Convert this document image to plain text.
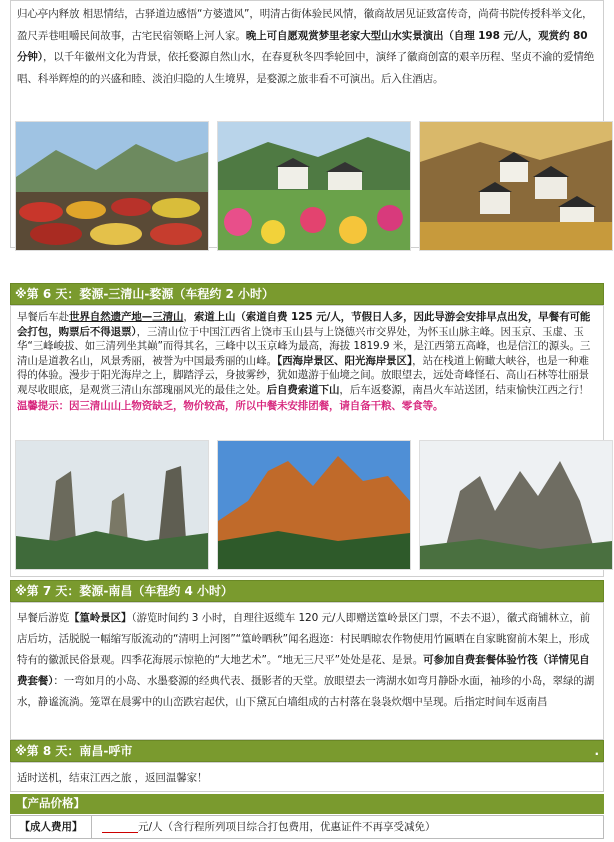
归心亭内释放 相思情结，古驿道边感悟“方婆遗风”，明清古街体验民风情，徽商故居见证致富传奇，尚荷书院传授科举文化，盈尺弄巷咀嚼民间故事，古宅民宿领略上河人家。晚上可自愿观赏梦里老家大型山水实景演出（自理 198 元/人，观赏约 80 分钟），以千年徽州文化为背景，依托婺源自然山水，在春夏秋冬四季轮回中，演绎了徽商创富的艰辛历程、坚贞不渝的爱情绝唱、科举辉煌的的兴盛和睦、淡泊归隐的人生境界，是婺源之旅非看不可演出。后入住酒店。
※第 6 天：婺源-三清山-婺源（车程约 2 小时）
早餐后车赴世界自然遗产地—三清山，索道上山（索道自费 125 元/人，节假日人多，因此导游会安排早点出发，早餐有可能会打包，购票后不得退票），三清山位于中国江西省上饶市玉山县与上饶德兴市交界处，为怀玉山脉主峰。因玉京、玉虚、玉华“三峰峻拔、如三清列坐其巅”而得其名，三峰中以玉京峰为最高，海拔 1819.9 米，是江西第五高峰，也是信江的源头。三清山是道教名山，风景秀丽，被誉为中国最秀丽的山峰。【西海岸景区、阳光海岸景区】，站在栈道上俯瞰大峡谷，也是一种难得的体验。漫步于阳光海岸之上，脚踏浮云，身披雾纱，犹如遨游于仙境之间。放眼望去，远处奇峰怪石、高山石林等壮丽景观尽收眼底，是观赏三清山东部瑰丽风光的最佳之处。后自费索道下山，后车返婺源，南昌火车站送团，结束愉快江西之行！
温馨提示：因三清山山上物资缺乏，物价较高，所以中餐未安排团餐，请自备干粮、零食等。
※第 7 天：婺源-南昌（车程约 4 小时）
早餐后游览【篁岭景区】（游览时间约 3 小时，自理往返缆车 120 元/人即赠送篁岭景区门票，不去不退），徽式商铺林立，前店后坊，活脱脱一幅缩写版流动的“清明上河图”“篁岭晒秋”闻名遐迩：村民晒晾农作物使用竹匾晒在自家眺窗前木架上，形成特有的徽派民俗景观。四季花海展示惊艳的“大地艺术”。“地无三尺平”处处是花、是景。可参加自费套餐体验竹筏（详情见自费套餐）：一弯如月的小岛、水墨婺源的经典代表、摄影者的天堂。放眼望去一湾湖水如弯月静卧水面，袖珍的小岛，翠绿的湖水，静谧流淌。笼罩在晨雾中的山峦跌宕起伏，山下黛瓦白墙组成的古村落在袅袅炊烟中呈现。后指定时间车返南昌
※第 8 天：南昌-呼市	.
适时送机，结束江西之旅 ，返回温馨家！
【产品价格】
【成人费用】	元/人（含行程所列项目综合打包费用，优惠证件不再享受减免）
